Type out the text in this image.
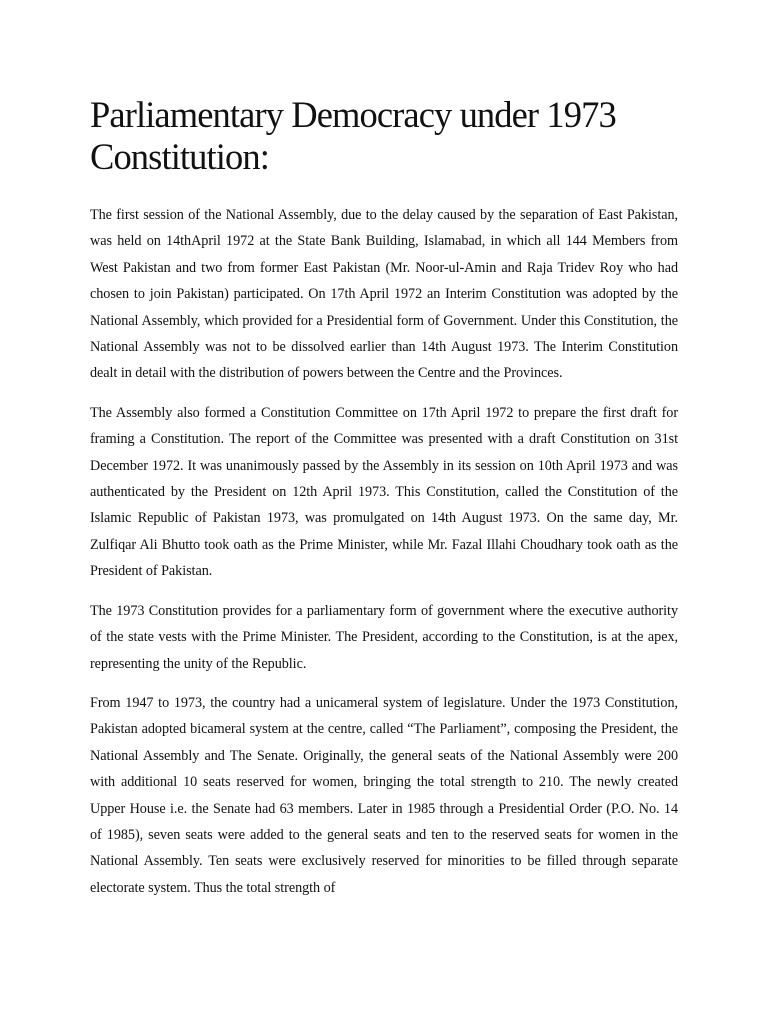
Parliamentary Democracy under 1973 Constitution:

The first session of the National Assembly, due to the delay caused by the separation of East Pakistan, was held on 14thApril 1972 at the State Bank Building, Islamabad, in which all 144 Members from West Pakistan and two from former East Pakistan (Mr. Noor-ul-Amin and Raja Tridev Roy who had chosen to join Pakistan) participated. On 17th April 1972 an Interim Constitution was adopted by the National Assembly, which provided for a Presidential form of Government. Under this Constitution, the National Assembly was not to be dissolved earlier than 14th August 1973. The Interim Constitution dealt in detail with the distribution of powers between the Centre and the Provinces.

The Assembly also formed a Constitution Committee on 17th April 1972 to prepare the first draft for framing a Constitution. The report of the Committee was presented with a draft Constitution on 31st December 1972. It was unanimously passed by the Assembly in its session on 10th April 1973 and was authenticated by the President on 12th April 1973. This Constitution, called the Constitution of the Islamic Republic of Pakistan 1973, was promulgated on 14th August 1973. On the same day, Mr. Zulfiqar Ali Bhutto took oath as the Prime Minister, while Mr. Fazal Illahi Choudhary took oath as the President of Pakistan.

The 1973 Constitution provides for a parliamentary form of government where the executive authority of the state vests with the Prime Minister. The President, according to the Constitution, is at the apex, representing the unity of the Republic.

From 1947 to 1973, the country had a unicameral system of legislature. Under the 1973 Constitution, Pakistan adopted bicameral system at the centre, called “The Parliament”, composing the President, the National Assembly and The Senate. Originally, the general seats of the National Assembly were 200 with additional 10 seats reserved for women, bringing the total strength to 210. The newly created Upper House i.e. the Senate had 63 members. Later in 1985 through a Presidential Order (P.O. No. 14 of 1985), seven seats were added to the general seats and ten to the reserved seats for women in the National Assembly. Ten seats were exclusively reserved for minorities to be filled through separate electorate system. Thus the total strength of
